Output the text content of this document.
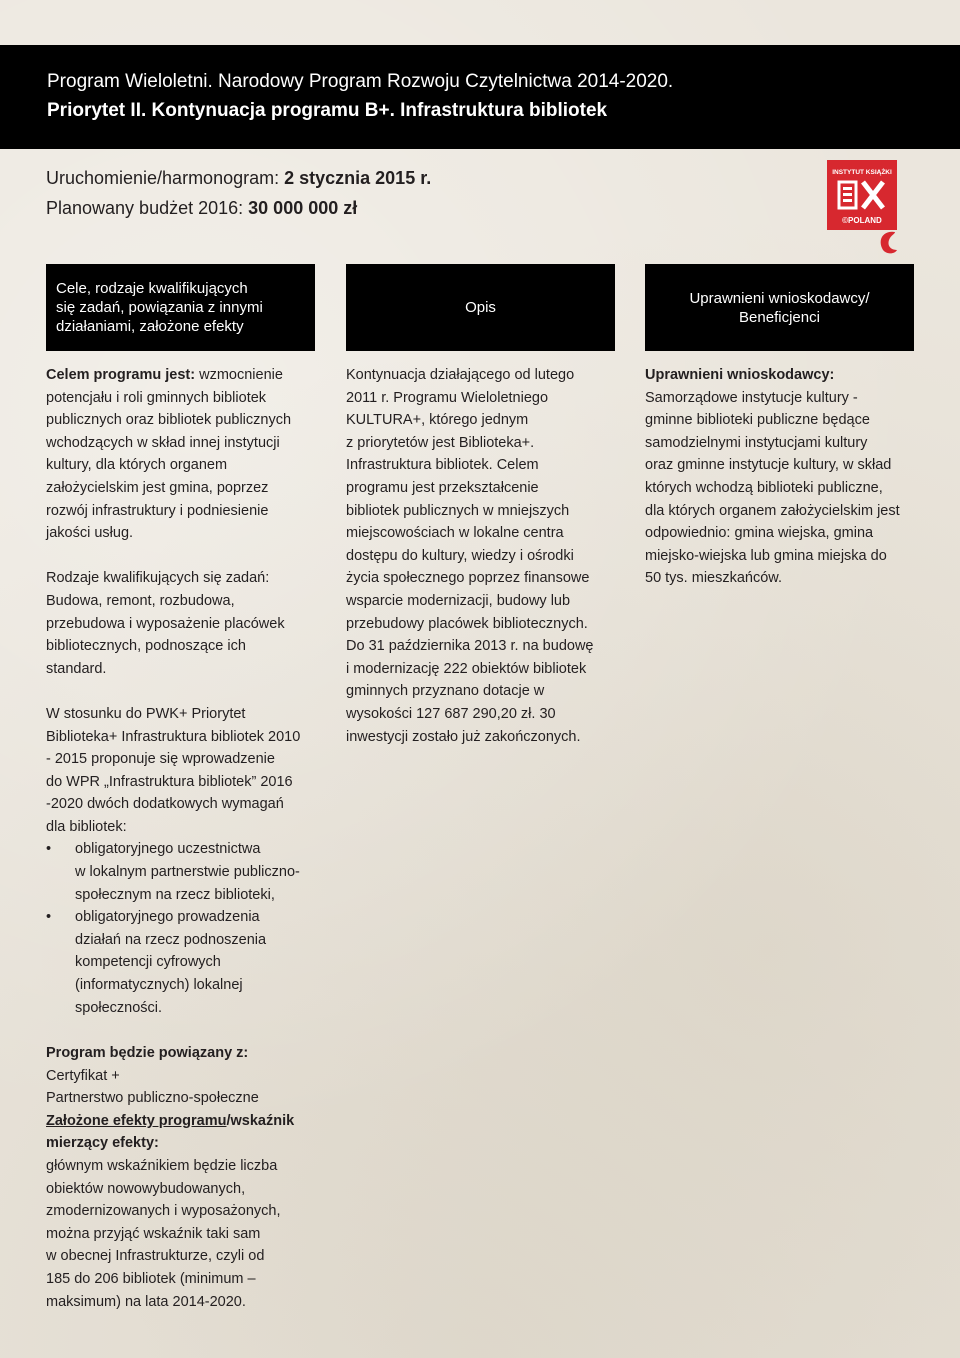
Program Wieloletni. Narodowy Program Rozwoju Czytelnictwa 2014-2020.
Priorytet II. Kontynuacja programu B+. Infrastruktura bibliotek
Uruchomienie/harmonogram: 2 stycznia 2015 r.
Planowany budżet 2016: 30 000 000 zł
INSTYTUT KSIĄŻKI
©POLAND
Cele, rodzaje kwalifikujących
się zadań, powiązania z innymi
działaniami, założone efekty
Opis
Uprawnieni wnioskodawcy/
Beneficjenci

Celem programu jest: wzmocnienie

potencjału i roli gminnych bibliotek

publicznych oraz bibliotek publicznych

wchodzących w skład innej instytucji

kultury, dla których organem

założycielskim jest gmina, poprzez

rozwój infrastruktury i podniesienie

jakości usług.

Rodzaje kwalifikujących się zadań:

Budowa, remont, rozbudowa,

przebudowa i wyposażenie placówek

bibliotecznych, podnoszące ich

standard.

W stosunku do PWK+ Priorytet

Biblioteka+ Infrastruktura bibliotek 2010

- 2015 proponuje się wprowadzenie

do WPR „Infrastruktura bibliotek” 2016

-2020 dwóch dodatkowych wymagań

dla bibliotek:

• obligatoryjnego uczestnictwa
w lokalnym partnerstwie publiczno-
społecznym na rzecz biblioteki,
• obligatoryjnego prowadzenia
działań na rzecz podnoszenia
kompetencji cyfrowych
(informatycznych) lokalnej
społeczności.

Kontynuacja działającego od lutego

2011 r. Programu Wieloletniego

KULTURA+, którego jednym

z priorytetów jest Biblioteka+.

Infrastruktura bibliotek. Celem

programu jest przekształcenie

bibliotek publicznych w mniejszych

miejscowościach w lokalne centra

dostępu do kultury, wiedzy i ośrodki

życia społecznego poprzez finansowe

wsparcie modernizacji, budowy lub

przebudowy placówek bibliotecznych.

Do 31 października 2013 r. na budowę

i modernizację 222 obiektów bibliotek

gminnych przyznano dotacje w

wysokości 127 687 290,20 zł. 30

inwestycji zostało już zakończonych.

Uprawnieni wnioskodawcy:

Samorządowe instytucje kultury -

gminne biblioteki publiczne będące

samodzielnymi instytucjami kultury

oraz gminne instytucje kultury, w skład

których wchodzą biblioteki publiczne,

dla których organem założycielskim jest

odpowiednio: gmina wiejska, gmina

miejsko-wiejska lub gmina miejska do

50 tys. mieszkańców.

Program będzie powiązany z:

Certyfikat +

Partnerstwo publiczno-społeczne

Założone efekty programu/wskaźnik

mierzący efekty:

głównym wskaźnikiem będzie liczba

obiektów nowowybudowanych,

zmodernizowanych i wyposażonych,

można przyjąć wskaźnik taki sam

w obecnej Infrastrukturze, czyli od

185 do 206 bibliotek (minimum –

maksimum) na lata 2014-2020.
